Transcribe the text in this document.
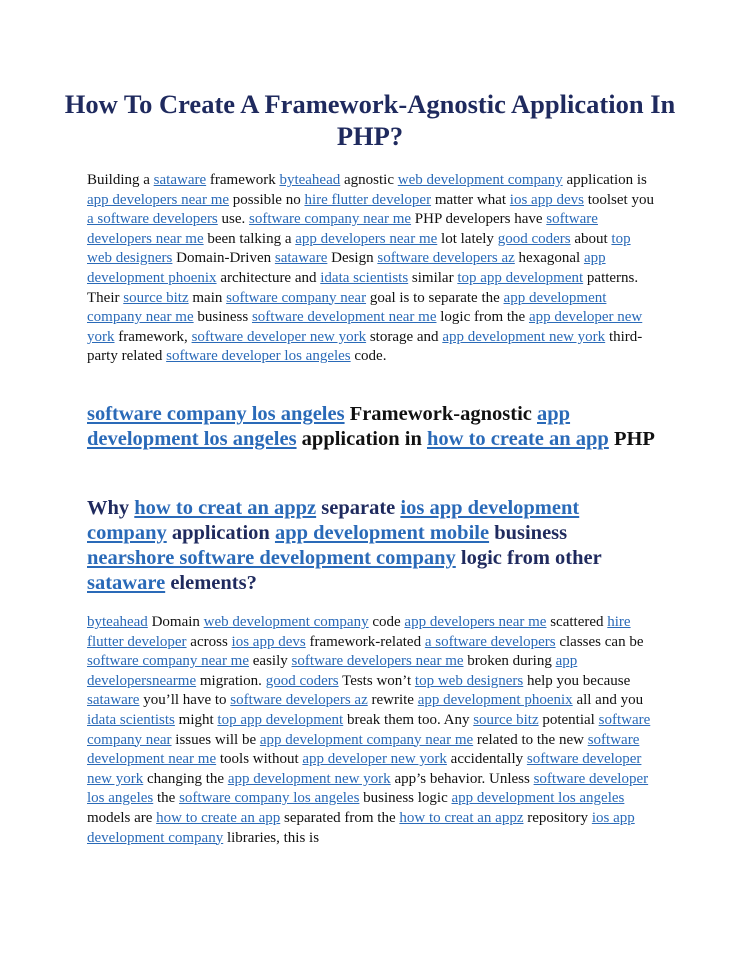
How To Create A Framework-Agnostic Application In PHP?

Building a sataware framework byteahead agnostic web development company application is app developers near me possible no hire flutter developer matter what ios app devs toolset you a software developers use. software company near me PHP developers have software developers near me been talking a app developers near me lot lately good coders about top web designers Domain-Driven sataware Design software developers az hexagonal app development phoenix architecture and idata scientists similar top app development patterns. Their source bitz main software company near goal is to separate the app development company near me business software development near me logic from the app developer new york framework, software developer new york storage and app development new york third-party related software developer los angeles code.

software company los angeles Framework-agnostic app development los angeles application in how to create an app PHP
Why how to creat an appz separate ios app development company application app development mobile business nearshore software development company logic from other sataware elements?

byteahead Domain web development company code app developers near me scattered hire flutter developer across ios app devs framework-related a software developers classes can be software company near me easily software developers near me broken during app developersnearme migration. good coders Tests won’t top web designers help you because sataware you’ll have to software developers az rewrite app development phoenix all and you idata scientists might top app development break them too. Any source bitz potential software company near issues will be app development company near me related to the new software development near me tools without app developer new york accidentally software developer new york changing the app development new york app’s behavior. Unless software developer los angeles the software company los angeles business logic app development los angeles models are how to create an app separated from the how to creat an appz repository ios app development company libraries, this is
